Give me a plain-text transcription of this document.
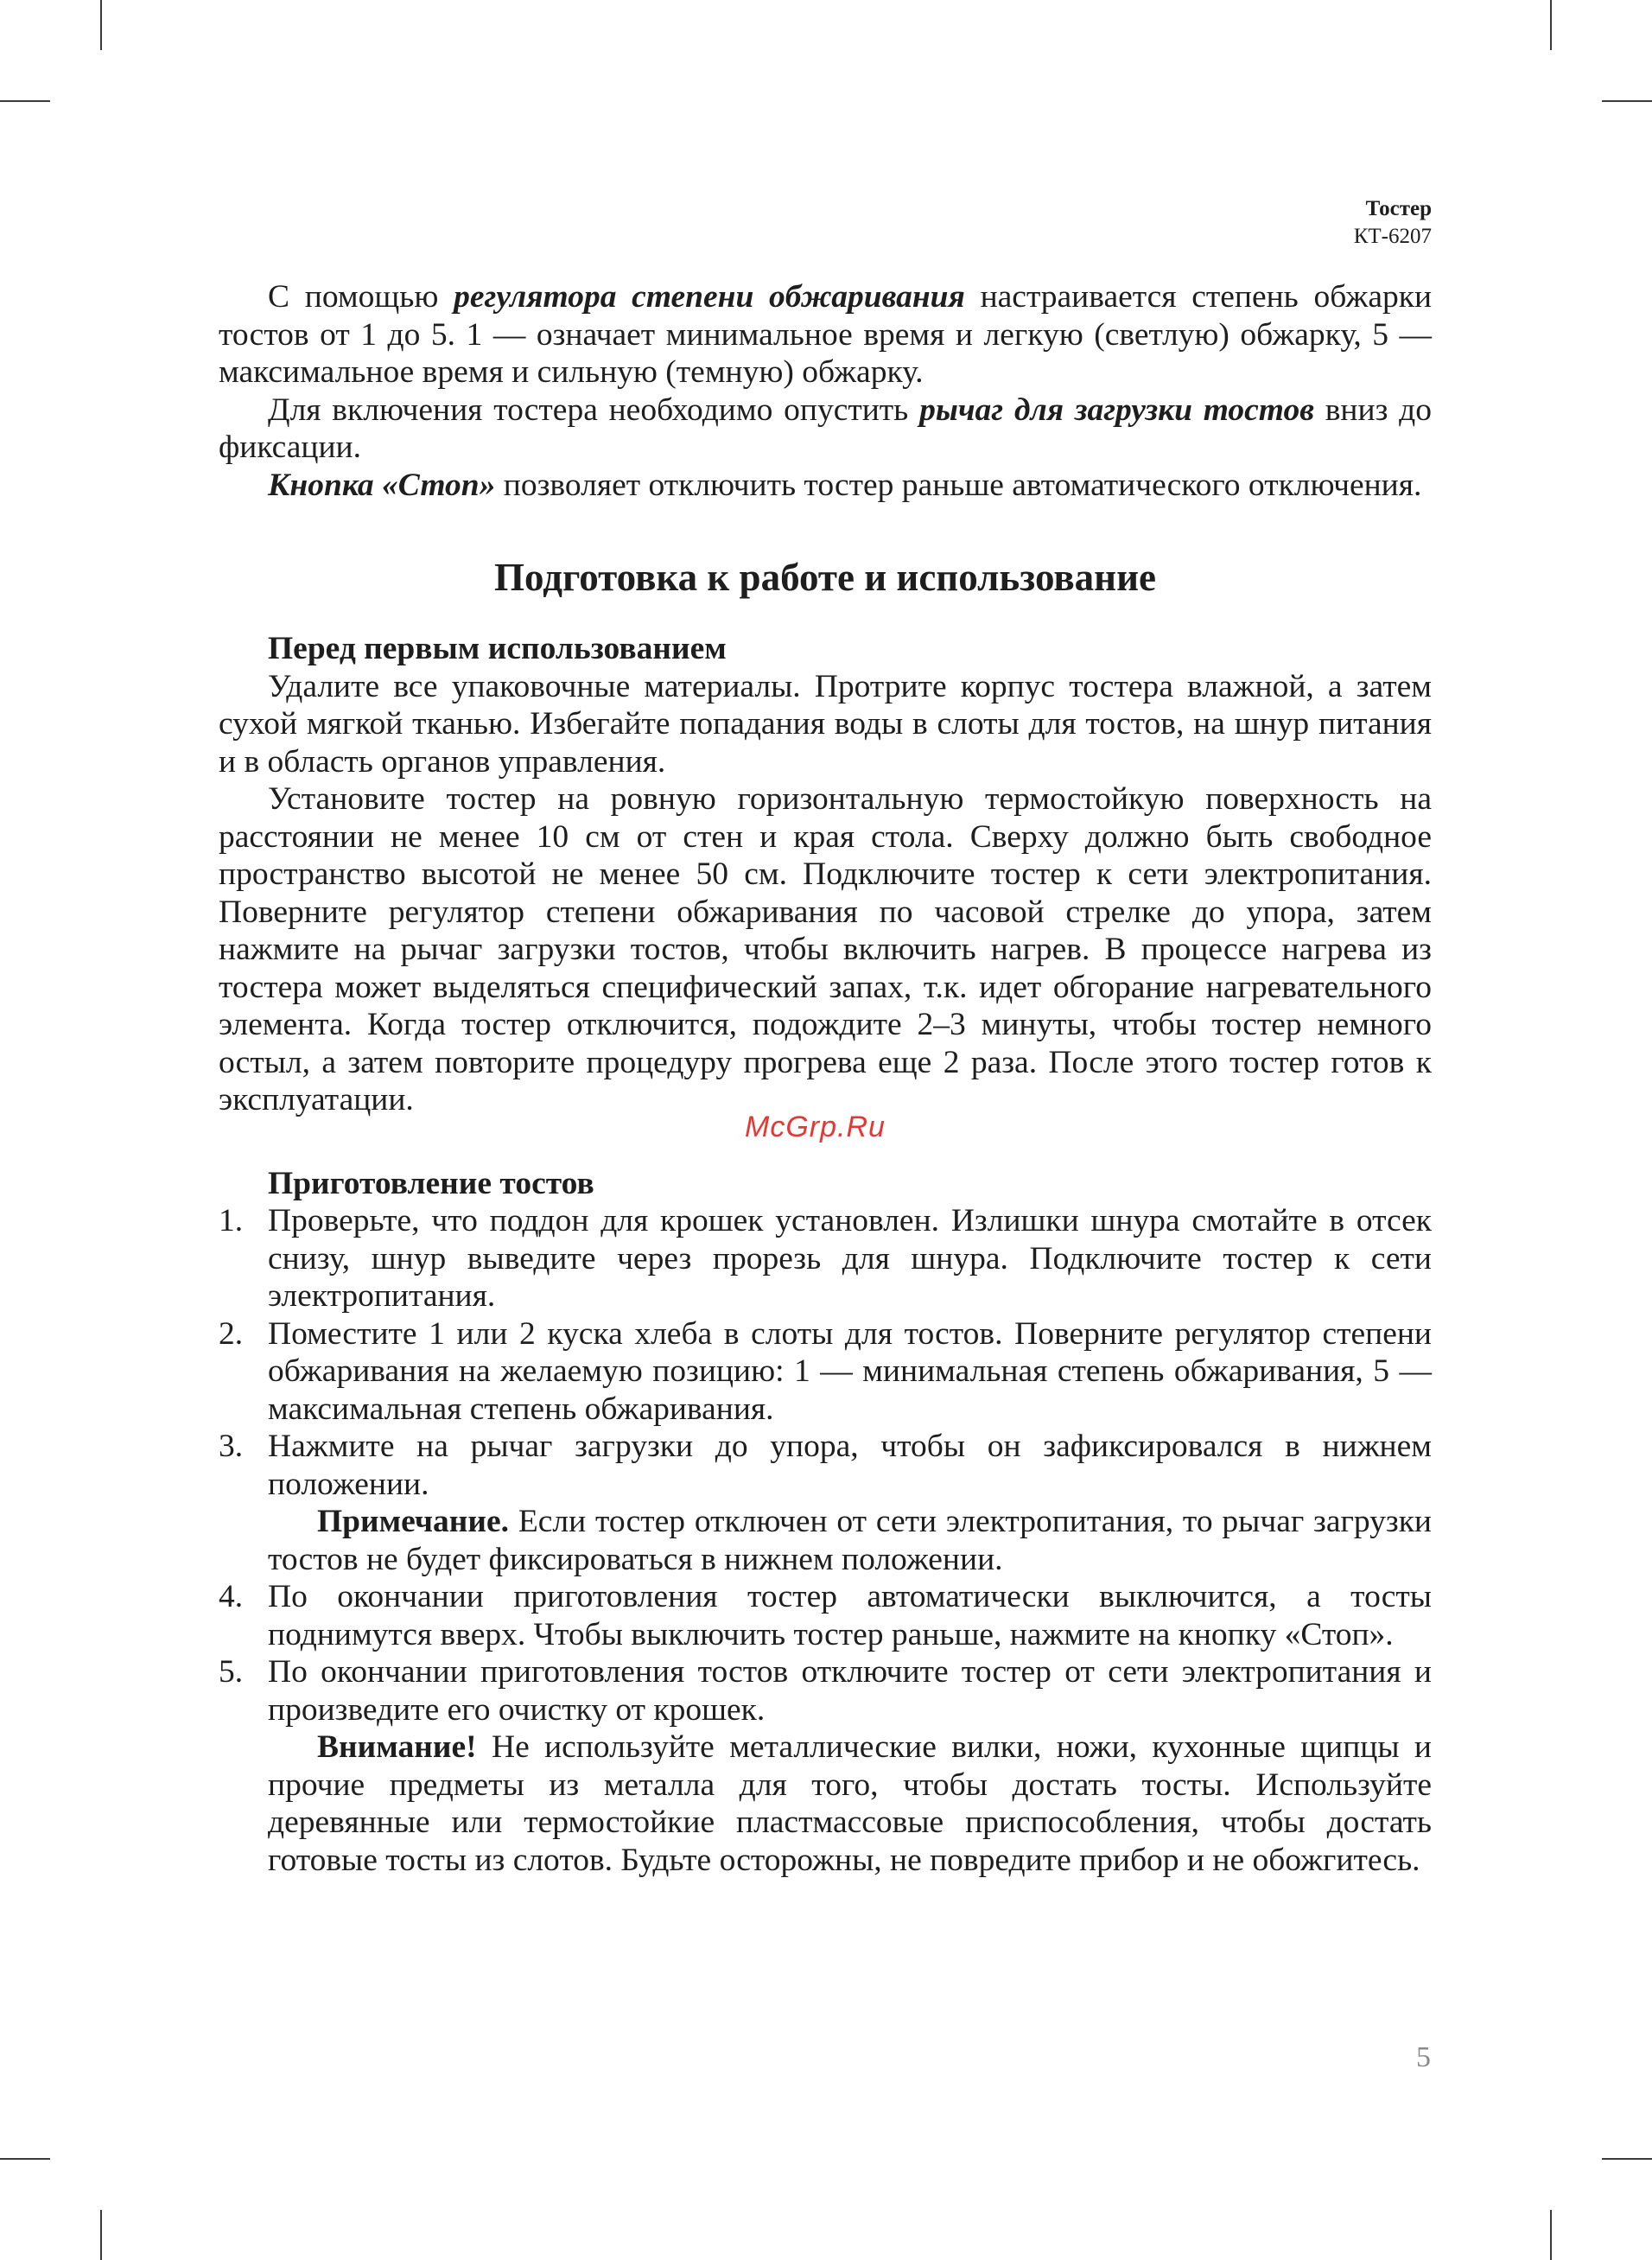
Тостер
КТ-6207

С помощью регулятора степени обжаривания настраивается степень обжарки тостов от 1 до 5. 1 — означает минимальное время и легкую (светлую) обжарку, 5 — максимальное время и сильную (темную) обжарку.

Для включения тостера необходимо опустить рычаг для загрузки тостов вниз до фиксации.

Кнопка «Стоп» позволяет отключить тостер раньше автоматического отключения.

Подготовка к работе и использование
Перед первым использованием

Удалите все упаковочные материалы. Протрите корпус тостера влажной, а затем сухой мягкой тканью. Избегайте попадания воды в слоты для тостов, на шнур питания и в область органов управления.

Установите тостер на ровную горизонтальную термостойкую поверхность на расстоянии не менее 10 см от стен и края стола. Сверху должно быть свободное пространство высотой не менее 50 см. Подключите тостер к сети электропитания. Поверните регулятор степени обжаривания по часовой стрелке до упора, затем нажмите на рычаг загрузки тостов, чтобы включить нагрев. В процессе нагрева из тостера может выделяться специфический запах, т.к. идет обгорание нагревательного элемента. Когда тостер отключится, подождите 2–3 минуты, чтобы тостер немного остыл, а затем повторите процедуру прогрева еще 2 раза. После этого тостер готов к эксплуатации.

Приготовление тостов
1. Проверьте, что поддон для крошек установлен. Излишки шнура смотайте в отсек снизу, шнур выведите через прорезь для шнура. Подключите тостер к сети электропитания.
2. Поместите 1 или 2 куска хлеба в слоты для тостов. Поверните регулятор степени обжаривания на желаемую позицию: 1 — минимальная степень обжаривания, 5 — максимальная степень обжаривания.
3. Нажмите на рычаг загрузки до упора, чтобы он зафиксировался в нижнем положении.

Примечание. Если тостер отключен от сети электропитания, то рычаг загрузки тостов не будет фиксироваться в нижнем положении.

4. По окончании приготовления тостер автоматически выключится, а тосты поднимутся вверх. Чтобы выключить тостер раньше, нажмите на кнопку «Стоп».
5. По окончании приготовления тостов отключите тостер от сети электропитания и произведите его очистку от крошек.

Внимание! Не используйте металлические вилки, ножи, кухонные щипцы и прочие предметы из металла для того, чтобы достать тосты. Используйте деревянные или термостойкие пластмассовые приспособления, чтобы достать готовые тосты из слотов. Будьте осторожны, не повредите прибор и не обожгитесь.

McGrp.Ru
5
